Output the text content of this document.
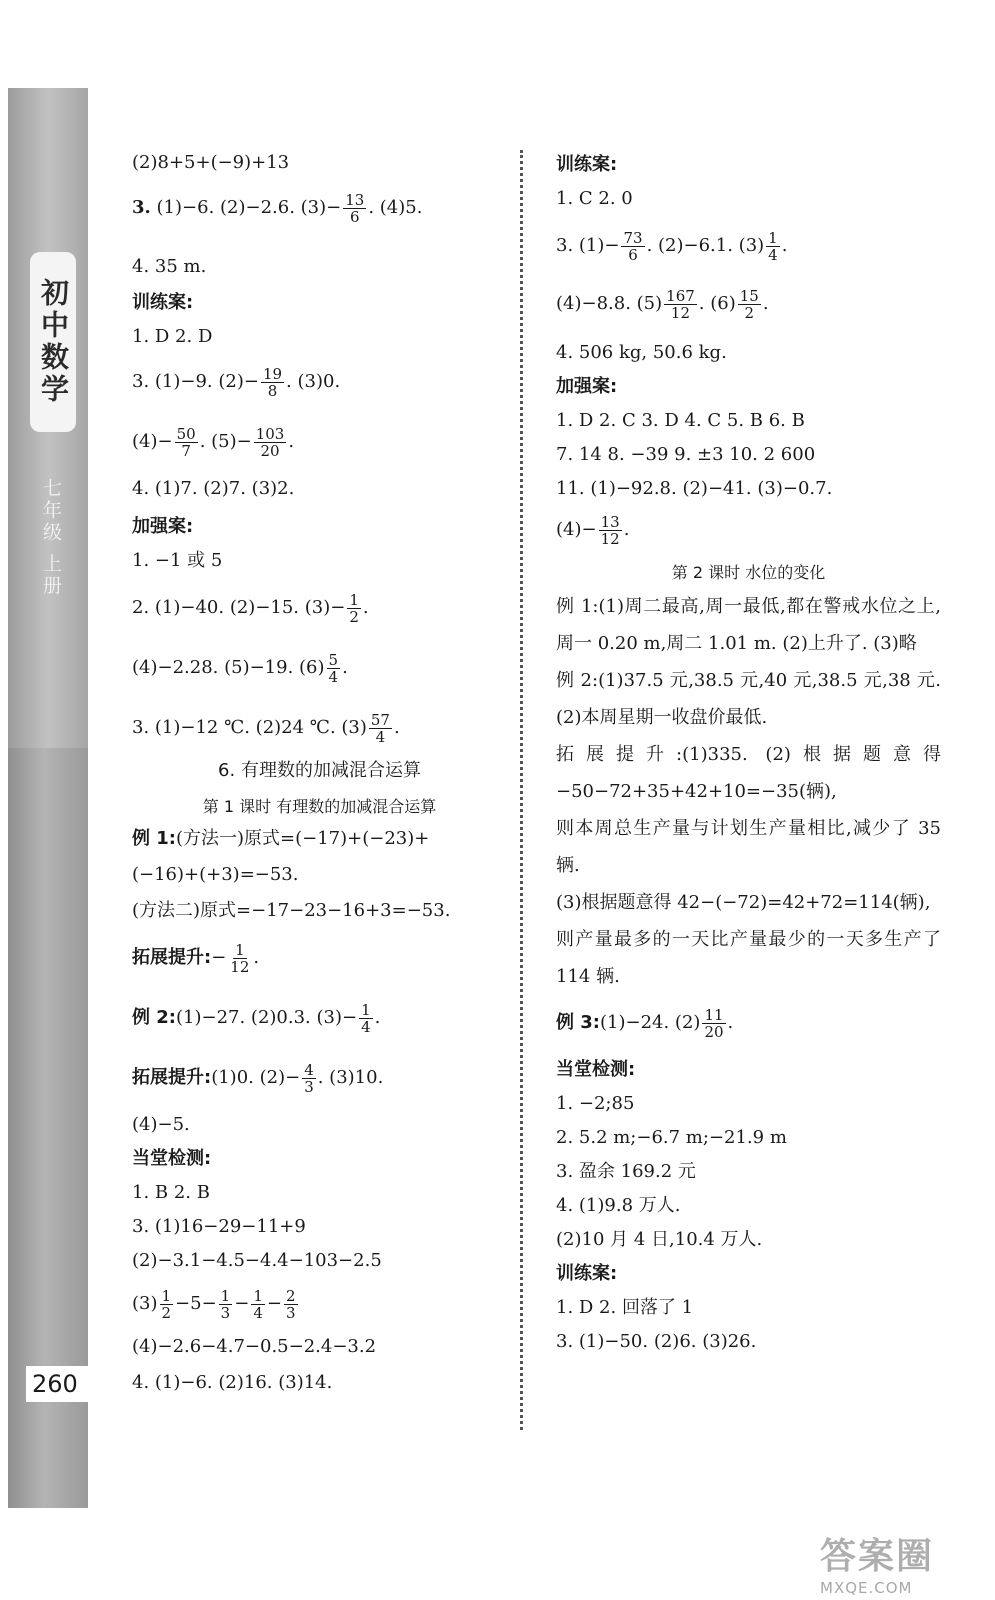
初中数学
七年级 上册
260
(2)8+5+(−9)+13
3.
(1)−6. (2)−2.6. $(3)- \frac{13}{6}$ . (4)5.
4. 35 m.
训练案:
1. D 2. D
3. (1)−9. $(2)- \frac{19}{8}$ . (3)0.
$(4)- \frac{50}{7}$ . $(5)- \frac{103}{20}$ .
4. (1)7. (2)7. (3)2.
加强案:
1. −1 或 5
2. (1)−40. (2)−15. $(3)- \frac{1}{2}$ .
(4)−2.28. (5)−19. $(6) \frac{5}{4}$ .
3. (1)−12 ℃. (2)24 ℃. $(3) \frac{57}{4}$ .
6. 有理数的加减混合运算
第 1 课时 有理数的加减混合运算
例 1: (方法一)原式=(−17)+(−23)+
(−16)+(+3)=−53.
(方法二)原式=−17−23−16+3=−53.
拓展提升: − $\frac{1}{12}$ .
例 2: (1)−27. (2)0.3. $(3)- \frac{1}{4}$ .
拓展提升: (1)0. $(2)- \frac{4}{3}$ . (3)10.
(4)−5.
当堂检测:
1. B 2. B
3. (1)16−29−11+9
(2)−3.1−4.5−4.4−103−2.5
$(3) \frac{1}{2} -5- \frac{1}{3} - \frac{1}{4} - \frac{2}{3}$
(4)−2.6−4.7−0.5−2.4−3.2
4. (1)−6. (2)16. (3)14.
训练案:
1. C 2. 0
3. $(1)- \frac{73}{6}$ . (2)−6.1. $(3) \frac{1}{4}$ .
(4)−8.8. $(5) \frac{167}{12}$ . $(6) \frac{15}{2}$ .
4. 506 kg, 50.6 kg.
加强案:
1. D 2. C 3. D 4. C 5. B 6. B
7. 14 8. −39 9. ±3 10. 2 600
11. (1)−92.8. (2)−41. (3)−0.7.
$(4)- \frac{13}{12}$ .
第 2 课时 水位的变化
例 1:(1)周二最高,周一最低,都在警戒水位之上,周一 0.20 m,周二 1.01 m. (2)上升了. (3)略
例 2:(1)37.5 元,38.5 元,40 元,38.5 元,38 元. (2)本周星期一收盘价最低.
拓展提升:(1)335. (2)根据题意得 −50−72+35+42+10=−35(辆),
则本周总生产量与计划生产量相比,减少了 35 辆.
(3)根据题意得 42−(−72)=42+72=114(辆),
则产量最多的一天比产量最少的一天多生产了 114 辆.
例 3: (1)−24. $(2) \frac{11}{20}$ .
当堂检测:
1. −2;85
2. 5.2 m;−6.7 m;−21.9 m
3. 盈余 169.2 元
4. (1)9.8 万人.
(2)10 月 4 日,10.4 万人.
训练案:
1. D 2. 回落了 1
3. (1)−50. (2)6. (3)26.
答案圈
MXQE.COM
